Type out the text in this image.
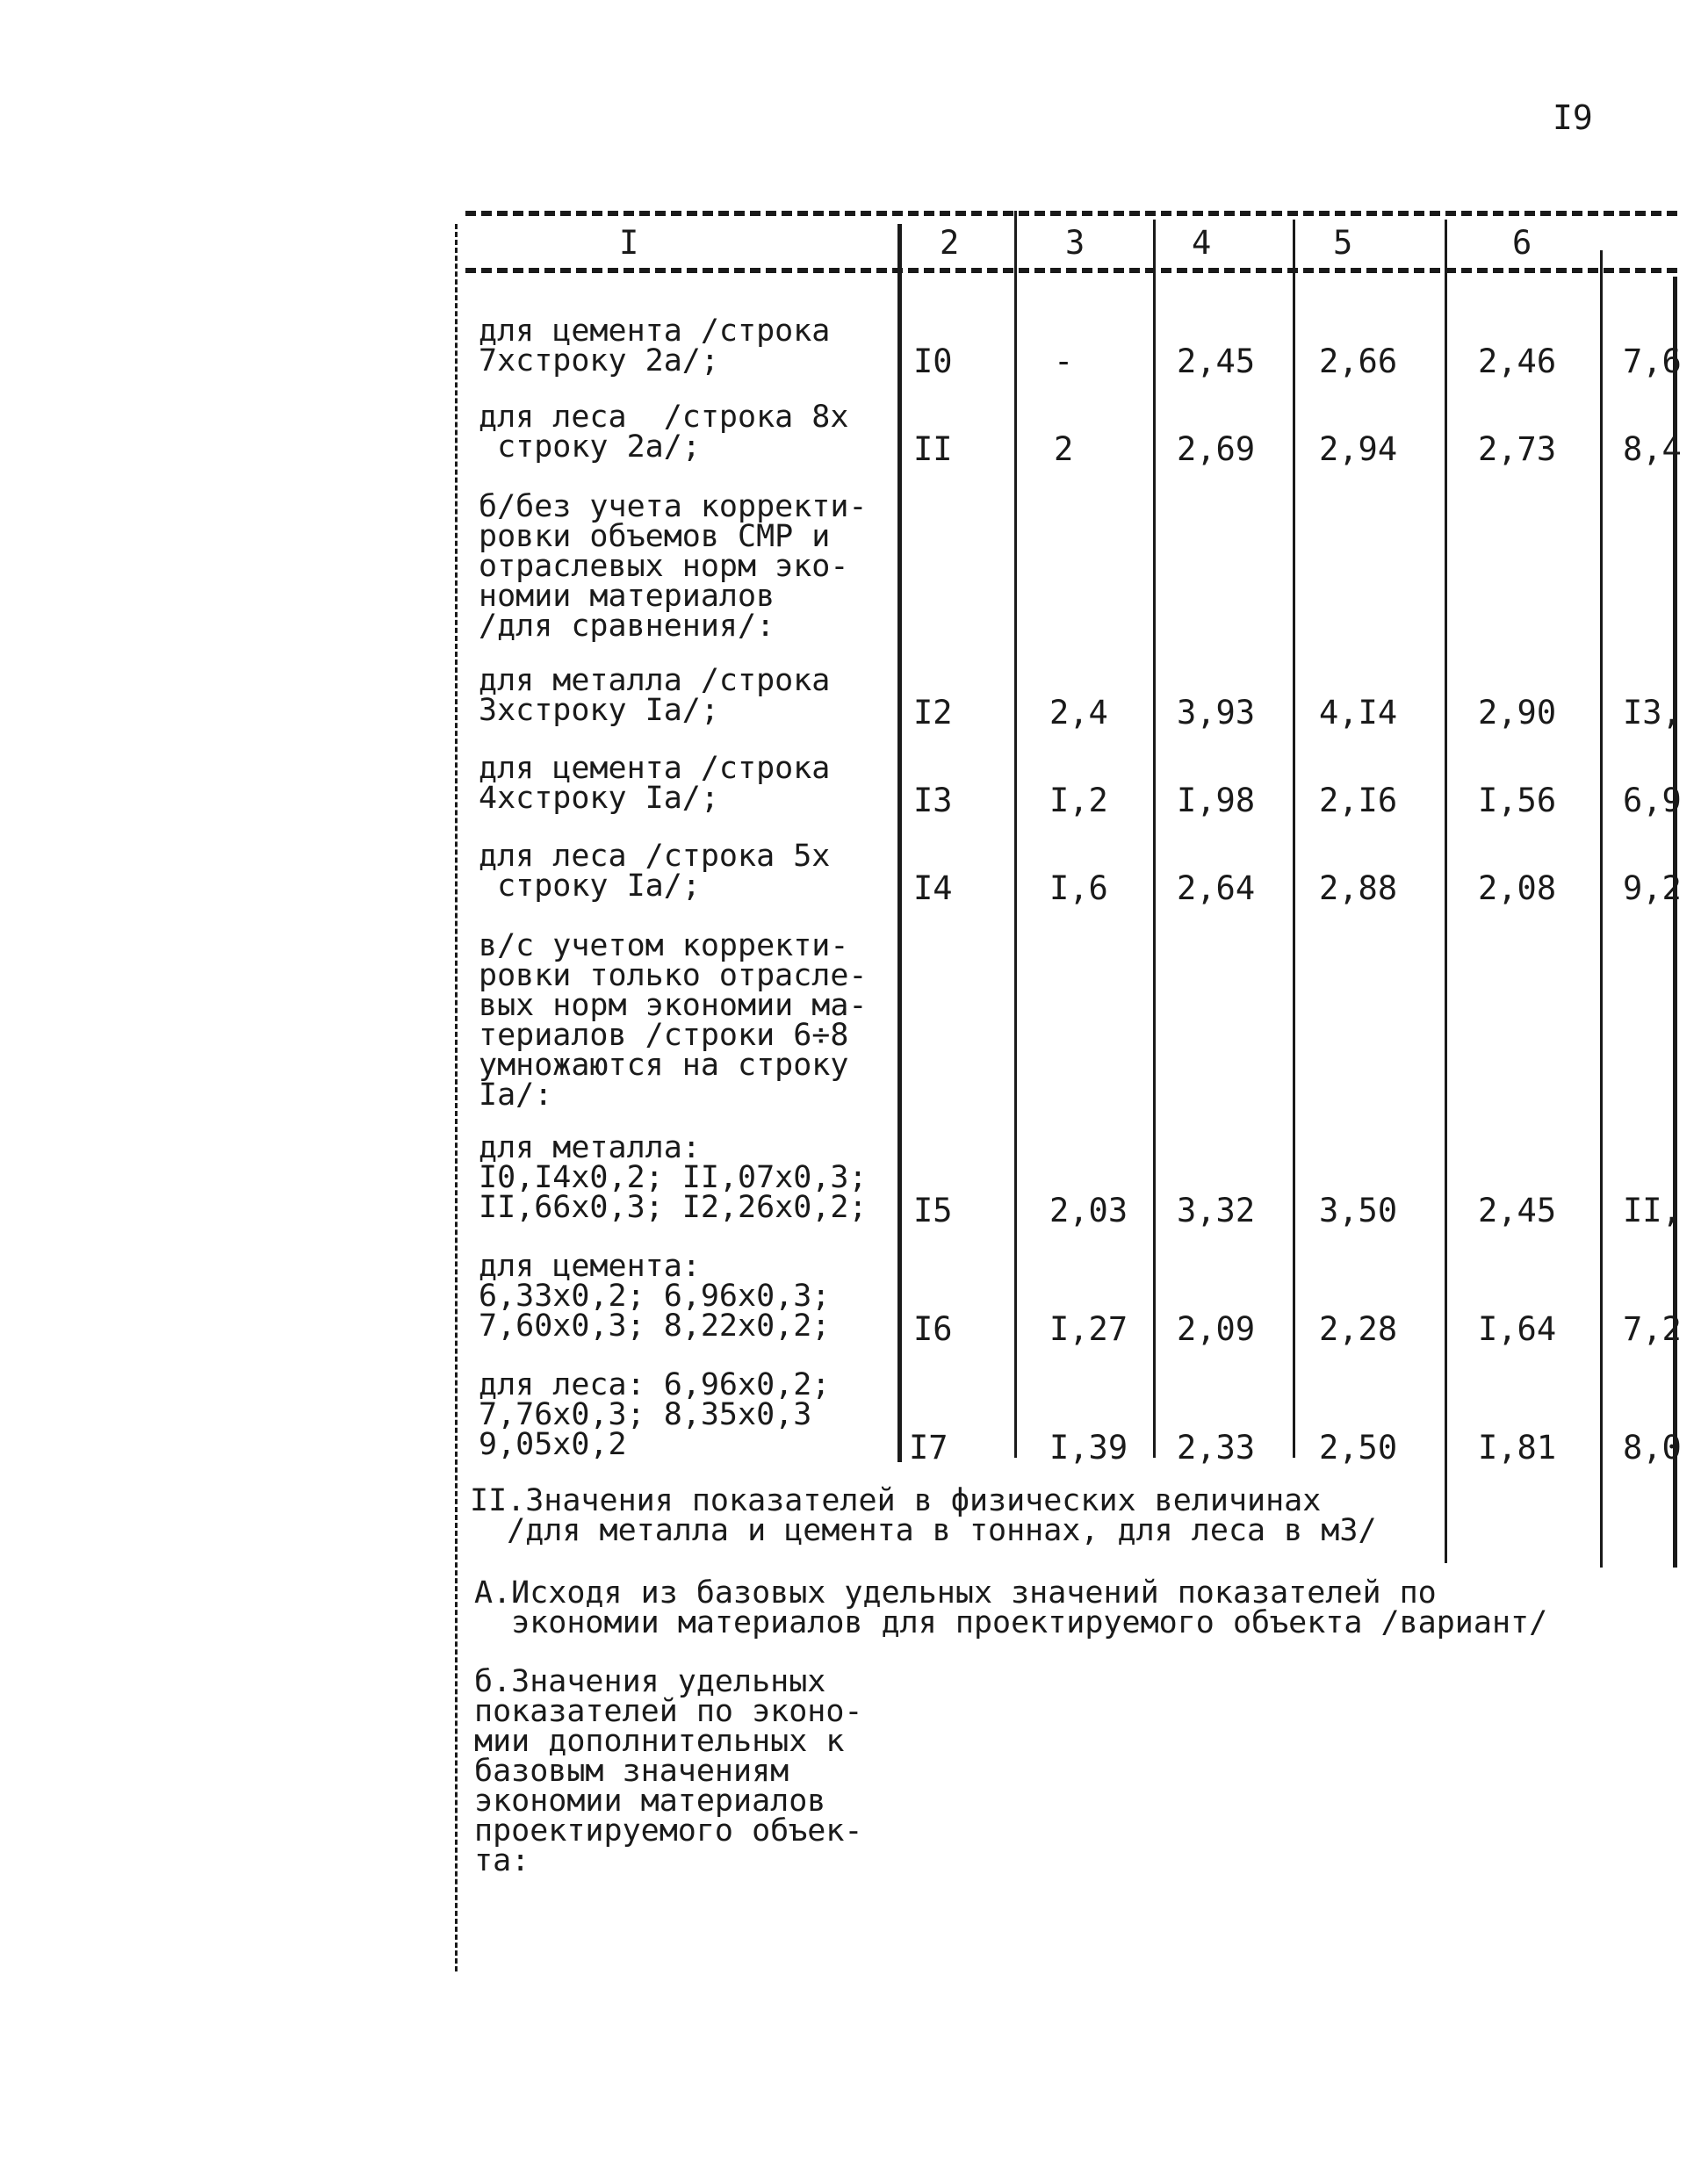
I9
I	2	3	4	5	6
для цемента /строка
7хстроку 2а/;	I0	-	2,45 2,66 2,46 7,6
для леса  /строка 8х
строку 2а/;	II	2	2,69 2,94 2,73 8,4
б/без учета корректи-
ровки объемов СМР и
отраслевых норм эко-
номии материалов
/для сравнения/:
для металла /строка
3хстроку Iа/;	I2	2,4 3,93 4,I4 2,90 I3,
для цемента /строка
4хстроку Iа/;	I3	I,2 I,98 2,I6 I,56 6,9
для леса /строка 5х
строку Iа/;	I4	I,6 2,64 2,88 2,08 9,2
в/с учетом корректи-
ровки только отрасле-
вых норм экономии ма-
териалов /строки 6÷8
умножаются на строку
Iа/:
для металла:
I0,I4х0,2; II,07х0,3;
II,66х0,3; I2,26х0,2; I5	2,03 3,32 3,50 2,45 II,
для цемента:
6,33х0,2; 6,96х0,3;
7,60х0,3; 8,22х0,2;	I6	I,27 2,09 2,28 I,64 7,2
для леса: 6,96х0,2;
7,76х0,3; 8,35х0,3
9,05х0,2	I7	I,39 2,33 2,50 I,81 8,0
II.Значения показателей в физических величинах
/для металла и цемента в тоннах, для леса в м3/
А.Исходя из базовых удельных значений показателей по
экономии материалов для проектируемого объекта /вариант/
б.Значения удельных
показателей по эконо-
мии дополнительных к
базовым значениям
экономии материалов
проектируемого объек-
та:
